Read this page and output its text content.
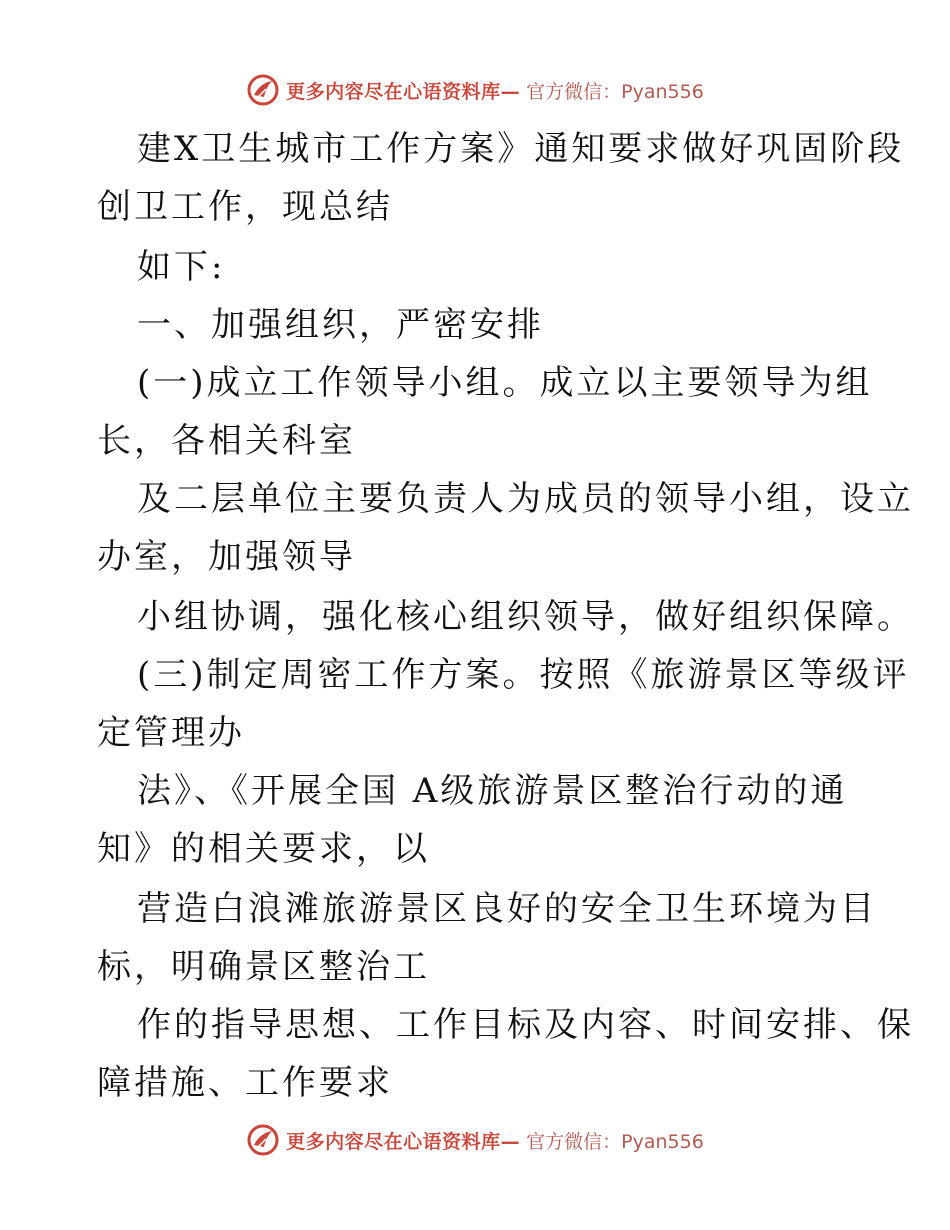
更多内容尽在心语资料库— 官方微信：Pyan556
建X卫生城市工作方案》通知要求做好巩固阶段
创卫工作，现总结
如下:
一、加强组织，严密安排
(一)成立工作领导小组。成立以主要领导为组
长，各相关科室
及二层单位主要负责人为成员的领导小组，设立
办室，加强领导
小组协调，强化核心组织领导，做好组织保障。
(三)制定周密工作方案。按照《旅游景区等级评
定管理办
法》、《开展全国 A级旅游景区整治行动的通
知》的相关要求，以
营造白浪滩旅游景区良好的安全卫生环境为目
标，明确景区整治工
作的指导思想、工作目标及内容、时间安排、保
障措施、工作要求
更多内容尽在心语资料库— 官方微信：Pyan556
